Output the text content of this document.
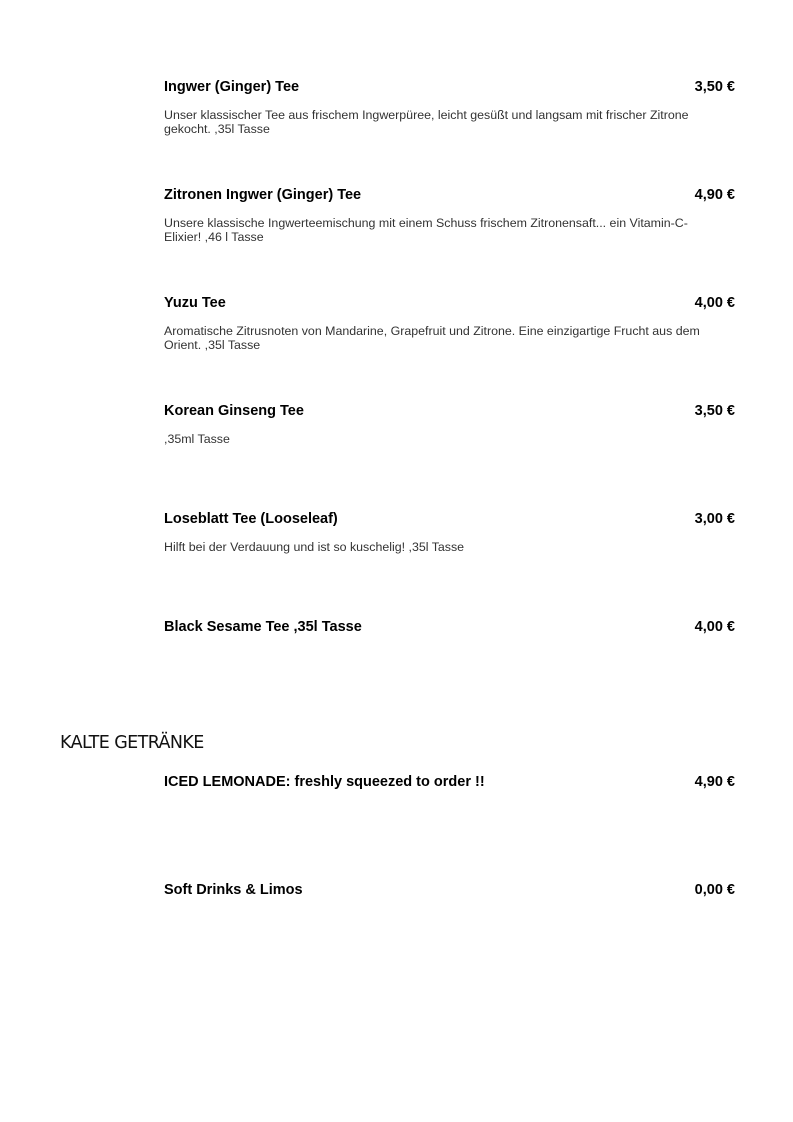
Ingwer (Ginger) Tee	3,50 €
Unser klassischer Tee aus frischem Ingwerpüree, leicht gesüßt und langsam mit frischer Zitrone gekocht. ,35l Tasse
Zitronen Ingwer (Ginger) Tee	4,90 €
Unsere klassische Ingwerteemischung mit einem Schuss frischem Zitronensaft... ein Vitamin-C-Elixier! ,46 l Tasse
Yuzu Tee	4,00 €
Aromatische Zitrusnoten von Mandarine, Grapefruit und Zitrone. Eine einzigartige Frucht aus dem Orient. ,35l Tasse
Korean Ginseng Tee	3,50 €
,35ml Tasse
Loseblatt Tee (Looseleaf)	3,00 €
Hilft bei der Verdauung und ist so kuschelig! ,35l Tasse
Black Sesame Tee ,35l Tasse	4,00 €
KALTE GETRÄNKE
ICED LEMONADE: freshly squeezed to order !!	4,90 €
Soft Drinks & Limos	0,00 €
